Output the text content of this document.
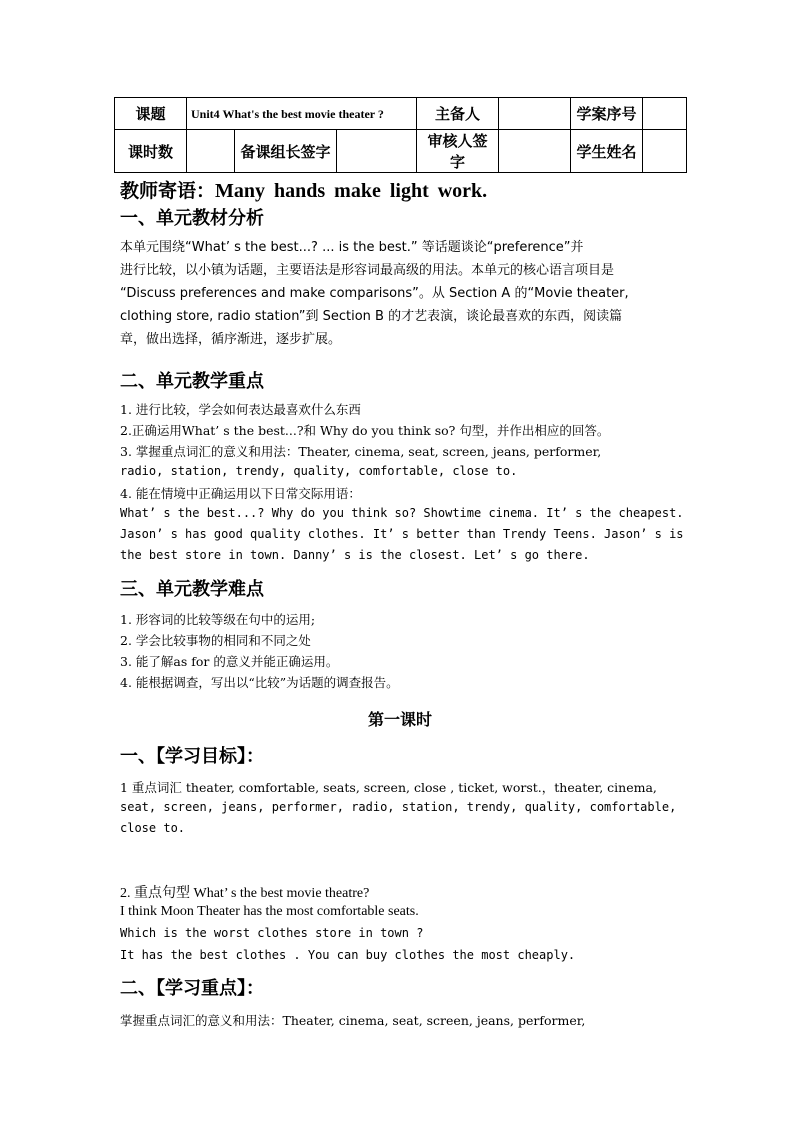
课题	Unit4 What's the best movie theater ?			主备人		学案序号	
课时数		备课组长签字		审核人签字		学生姓名	
教师寄语：Many hands make light work.
一、单元教材分析
本单元围绕“What’ s the best...? ... is the best.” 等话题谈论“preference”并
进行比较，以小镇为话题，主要语法是形容词最高级的用法。本单元的核心语言项目是
“Discuss preferences and make comparisons”。从 Section A 的“Movie theater,
clothing store, radio station”到 Section B 的才艺表演，谈论最喜欢的东西，阅读篇
章，做出选择，循序渐进，逐步扩展。
二、单元教学重点
1. 进行比较，学会如何表达最喜欢什么东西
2.正确运用What’ s the best...?和 Why do you think so? 句型，并作出相应的回答。
3. 掌握重点词汇的意义和用法：Theater, cinema, seat, screen, jeans, performer,
radio, station, trendy, quality, comfortable, close to.
4. 能在情境中正确运用以下日常交际用语：
What’ s the best...? Why do you think so? Showtime cinema. It’ s the cheapest.
Jason’ s has good quality clothes. It’ s better than Trendy Teens. Jason’ s is
the best store in town. Danny’ s is the closest. Let’ s go there.
三、单元教学难点
1. 形容词的比较等级在句中的运用;
2. 学会比较事物的相同和不同之处
3. 能了解as for 的意义并能正确运用。
4. 能根据调查，写出以“比较”为话题的调查报告。
第一课时
一、【学习目标】：
1 重点词汇 theater, comfortable, seats, screen, close , ticket, worst.，theater, cinema,
seat, screen, jeans, performer, radio, station, trendy, quality, comfortable,
close to.
2. 重点句型 What’ s the best movie theatre?
I think Moon Theater has the most comfortable seats.
Which is the worst clothes store in town ?
It has the best clothes . You can buy clothes the most cheaply.
二、【学习重点】：
掌握重点词汇的意义和用法：Theater, cinema, seat, screen, jeans, performer,
